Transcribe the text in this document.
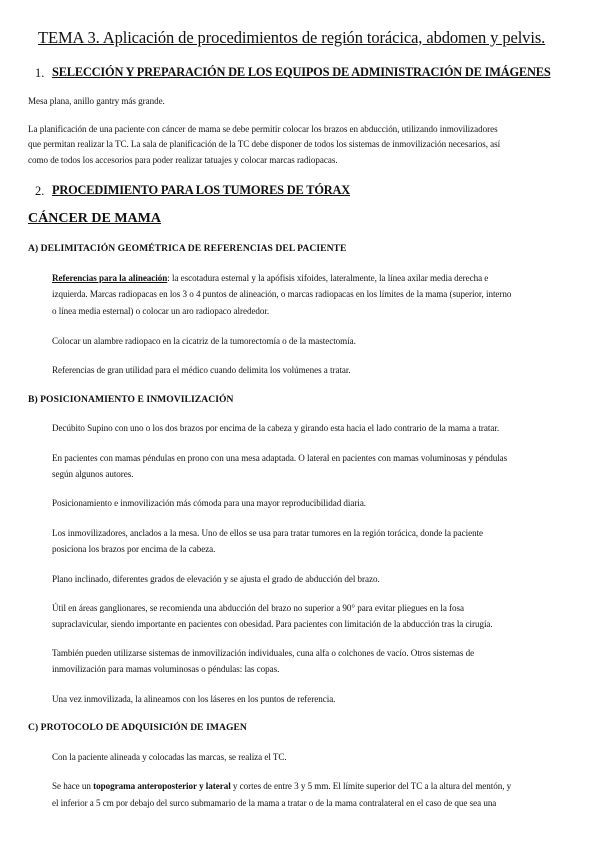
TEMA 3. Aplicación de procedimientos de región torácica, abdomen y pelvis.
1. SELECCIÓN Y PREPARACIÓN DE LOS EQUIPOS DE ADMINISTRACIÓN DE IMÁGENES
Mesa plana, anillo gantry más grande.
La planificación de una paciente con cáncer de mama se debe permitir colocar los brazos en abducción, utilizando inmovilizadores
que permitan realizar la TC. La sala de planificación de la TC debe disponer de todos los sistemas de inmovilización necesarios, así
como de todos los accesorios para poder realizar tatuajes y colocar marcas radiopacas.
2. PROCEDIMIENTO PARA LOS TUMORES DE TÓRAX
CÁNCER DE MAMA
A) DELIMITACIÓN GEOMÉTRICA DE REFERENCIAS DEL PACIENTE
Referencias para la alineación: la escotadura esternal y la apófisis xifoides, lateralmente, la línea axilar media derecha e
izquierda. Marcas radiopacas en los 3 o 4 puntos de alineación, o marcas radiopacas en los límites de la mama (superior, interno
o línea media esternal) o colocar un aro radiopaco alrededor.
Colocar un alambre radiopaco en la cicatriz de la tumorectomía o de la mastectomía.
Referencias de gran utilidad para el médico cuando delimita los volúmenes a tratar.
B) POSICIONAMIENTO E INMOVILIZACIÓN
Decúbito Supino con uno o los dos brazos por encima de la cabeza y girando esta hacia el lado contrario de la mama a tratar.
En pacientes con mamas péndulas en prono con una mesa adaptada. O lateral en pacientes con mamas voluminosas y péndulas
según algunos autores.
Posicionamiento e inmovilización más cómoda para una mayor reproducibilidad diaria.
Los inmovilizadores, anclados a la mesa. Uno de ellos se usa para tratar tumores en la región torácica, donde la paciente
posiciona los brazos por encima de la cabeza.
Plano inclinado, diferentes grados de elevación y se ajusta el grado de abducción del brazo.
Útil en áreas ganglionares, se recomienda una abducción del brazo no superior a 90° para evitar pliegues en la fosa
supraclavicular, siendo importante en pacientes con obesidad. Para pacientes con limitación de la abducción tras la cirugía.
También pueden utilizarse sistemas de inmovilización individuales, cuna alfa o colchones de vacío. Otros sistemas de
inmovilización para mamas voluminosas o péndulas: las copas.
Una vez inmovilizada, la alineamos con los láseres en los puntos de referencia.
C) PROTOCOLO DE ADQUISICIÓN DE IMAGEN
Con la paciente alineada y colocadas las marcas, se realiza el TC.
Se hace un topograma anteroposterior y lateral y cortes de entre 3 y 5 mm. El límite superior del TC a la altura del mentón, y
el inferior a 5 cm por debajo del surco submamario de la mama a tratar o de la mama contralateral en el caso de que sea una
